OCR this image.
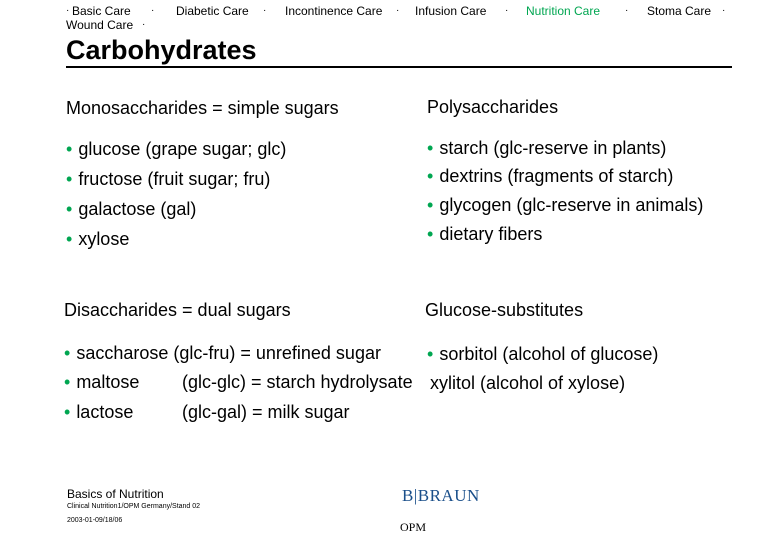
· Basic Care · Diabetic Care · Incontinence Care · Infusion Care · Nutrition Care · Stoma Care ·
Wound Care ·
Carbohydrates
Monosaccharides = simple sugars
• glucose (grape sugar; glc)
• fructose (fruit sugar; fru)
• galactose (gal)
• xylose
Polysaccharides
• starch (glc-reserve in plants)
• dextrins (fragments of starch)
• glycogen (glc-reserve in animals)
• dietary fibers
Disaccharides = dual sugars
• saccharose (glc-fru) = unrefined sugar
• maltose (glc-glc) = starch hydrolysate
• lactose	(glc-gal) = milk sugar
Glucose-substitutes
• sorbitol (alcohol of glucose)
xylitol (alcohol of xylose)
Basics of Nutrition
Clinical Nutrition1/OPM Germany/Stand 02
2003-01-09/18/06
B|BRAUN
OPM
